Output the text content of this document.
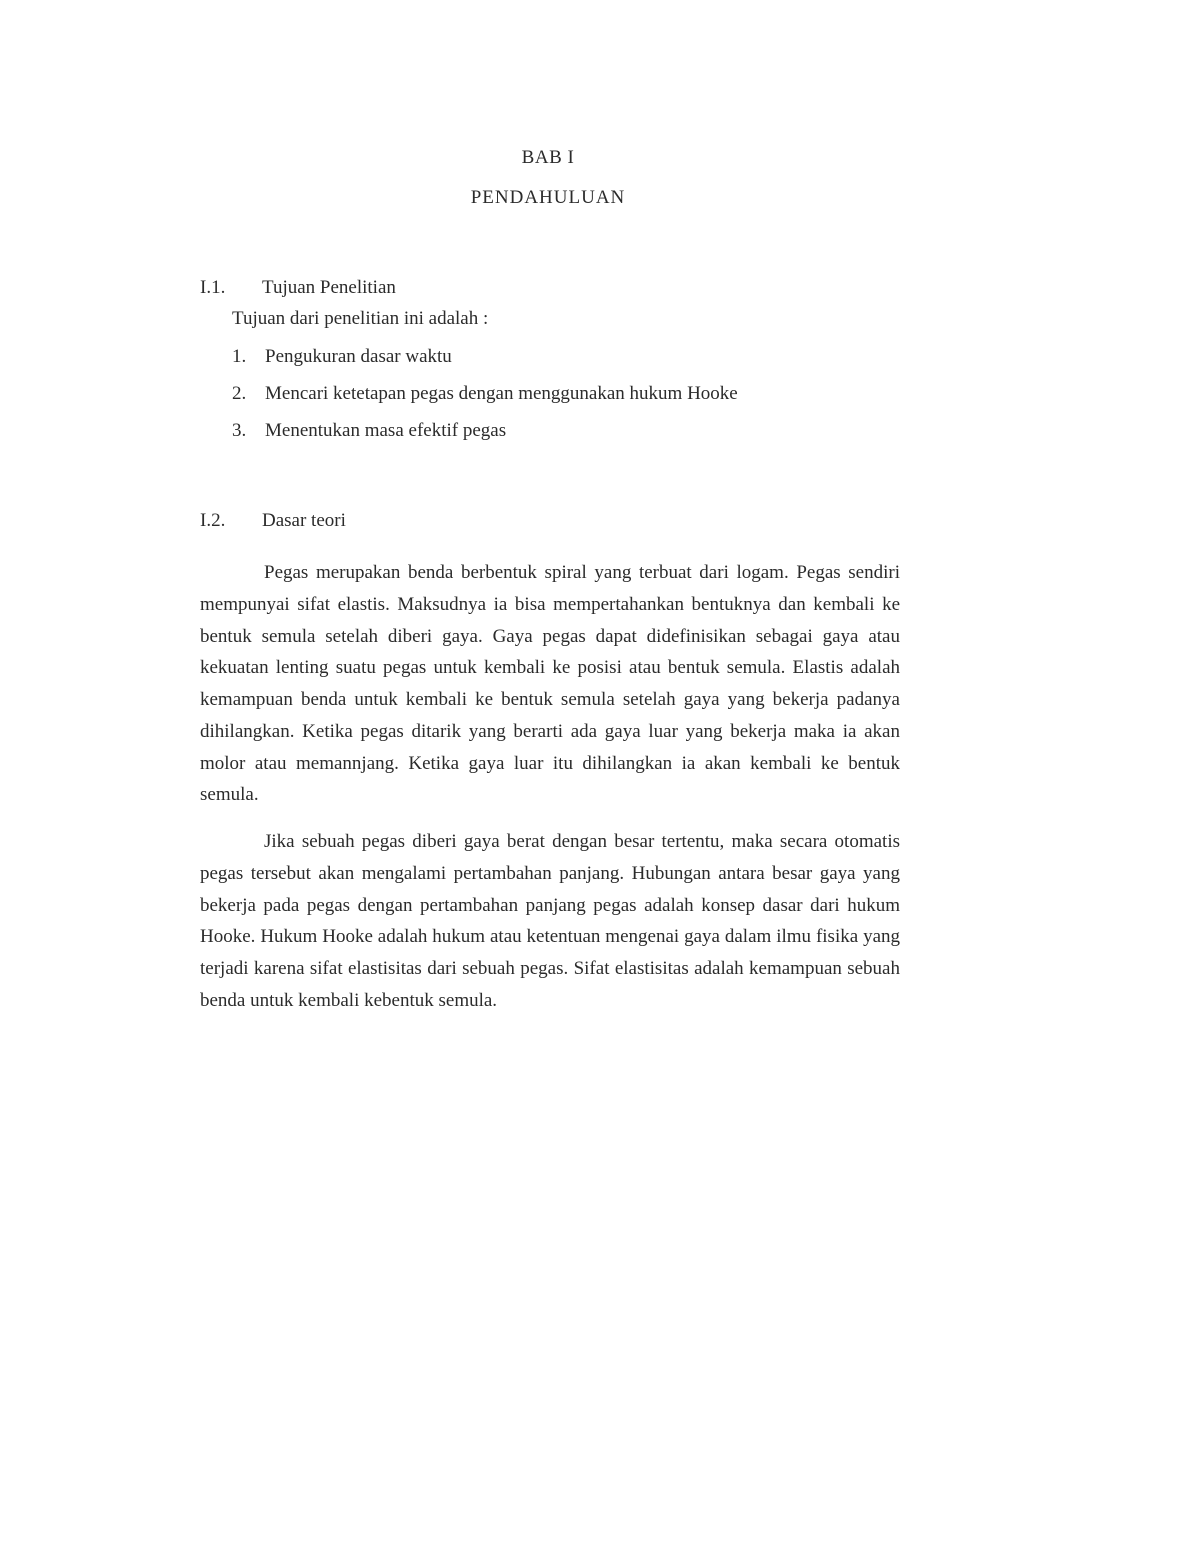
BAB I
PENDAHULUAN
I.1. Tujuan Penelitian
Tujuan dari penelitian ini adalah :
1. Pengukuran dasar waktu
2. Mencari ketetapan pegas dengan menggunakan hukum Hooke
3. Menentukan masa efektif pegas
I.2. Dasar teori

Pegas merupakan benda berbentuk spiral yang terbuat dari logam. Pegas sendiri mempunyai sifat elastis. Maksudnya ia bisa mempertahankan bentuknya dan kembali ke bentuk semula setelah diberi gaya. Gaya pegas dapat didefinisikan sebagai gaya atau kekuatan lenting suatu pegas untuk kembali ke posisi atau bentuk semula. Elastis adalah kemampuan benda untuk kembali ke bentuk semula setelah gaya yang bekerja padanya dihilangkan. Ketika pegas ditarik yang berarti ada gaya luar yang bekerja maka ia akan molor atau memannjang. Ketika gaya luar itu dihilangkan ia akan kembali ke bentuk semula.

Jika sebuah pegas diberi gaya berat dengan besar tertentu, maka secara otomatis pegas tersebut akan mengalami pertambahan panjang. Hubungan antara besar gaya yang bekerja pada pegas dengan pertambahan panjang pegas adalah konsep dasar dari hukum Hooke. Hukum Hooke adalah hukum atau ketentuan mengenai gaya dalam ilmu fisika yang terjadi karena sifat elastisitas dari sebuah pegas. Sifat elastisitas adalah kemampuan sebuah benda untuk kembali kebentuk semula.
